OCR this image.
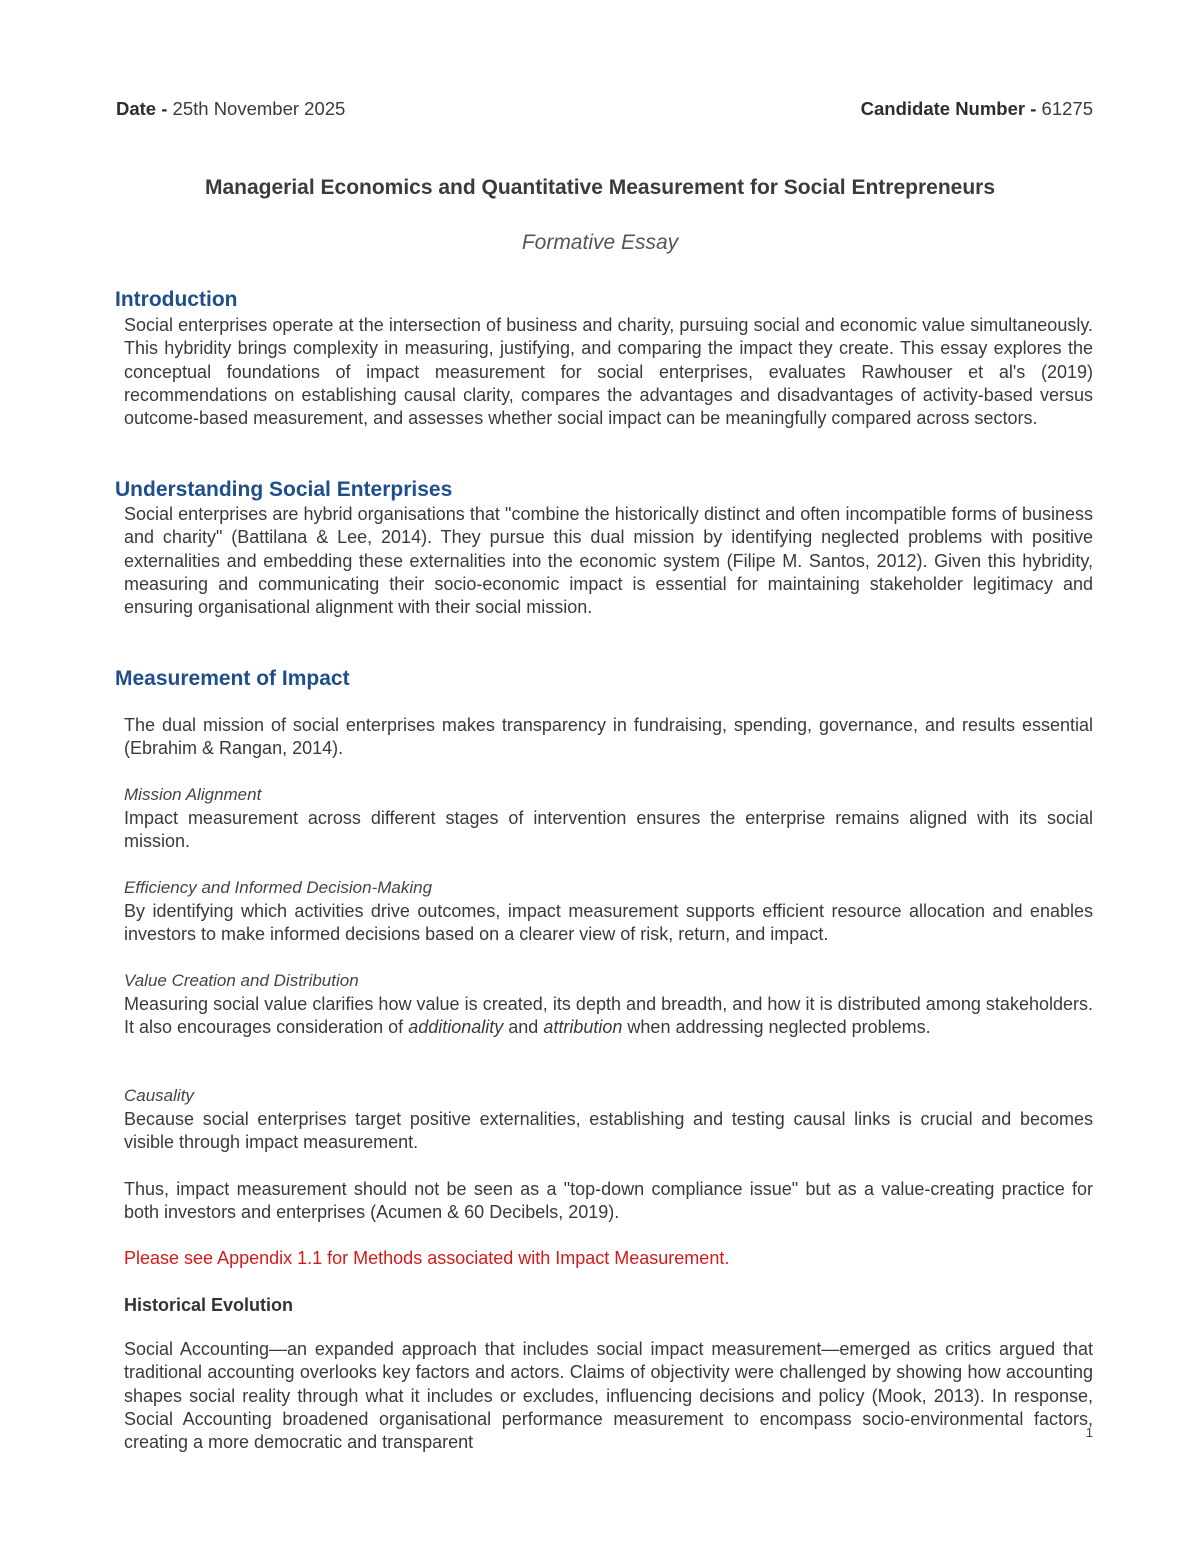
Date - 25th November 2025	Candidate Number - 61275
Managerial Economics and Quantitative Measurement for Social Entrepreneurs
Formative Essay
Introduction

Social enterprises operate at the intersection of business and charity, pursuing social and economic value simultaneously. This hybridity brings complexity in measuring, justifying, and comparing the impact they create. This essay explores the conceptual foundations of impact measurement for social enterprises, evaluates Rawhouser et al's (2019) recommendations on establishing causal clarity, compares the advantages and disadvantages of activity-based versus outcome-based measurement, and assesses whether social impact can be meaningfully compared across sectors.

Understanding Social Enterprises

Social enterprises are hybrid organisations that "combine the historically distinct and often incompatible forms of business and charity" (Battilana & Lee, 2014). They pursue this dual mission by identifying neglected problems with positive externalities and embedding these externalities into the economic system (Filipe M. Santos, 2012). Given this hybridity, measuring and communicating their socio-economic impact is essential for maintaining stakeholder legitimacy and ensuring organisational alignment with their social mission.

Measurement of Impact

The dual mission of social enterprises makes transparency in fundraising, spending, governance, and results essential (Ebrahim & Rangan, 2014).

Mission Alignment

Impact measurement across different stages of intervention ensures the enterprise remains aligned with its social mission.

Efficiency and Informed Decision-Making

By identifying which activities drive outcomes, impact measurement supports efficient resource allocation and enables investors to make informed decisions based on a clearer view of risk, return, and impact.

Value Creation and Distribution

Measuring social value clarifies how value is created, its depth and breadth, and how it is distributed among stakeholders. It also encourages consideration of additionality and attribution when addressing neglected problems.

Causality

Because social enterprises target positive externalities, establishing and testing causal links is crucial and becomes visible through impact measurement.

Thus, impact measurement should not be seen as a "top-down compliance issue" but as a value-creating practice for both investors and enterprises (Acumen & 60 Decibels, 2019).

Please see Appendix 1.1 for Methods associated with Impact Measurement.
Historical Evolution

Social Accounting—an expanded approach that includes social impact measurement—emerged as critics argued that traditional accounting overlooks key factors and actors. Claims of objectivity were challenged by showing how accounting shapes social reality through what it includes or excludes, influencing decisions and policy (Mook, 2013). In response, Social Accounting broadened organisational performance measurement to encompass socio-environmental factors, creating a more democratic and transparent	1
